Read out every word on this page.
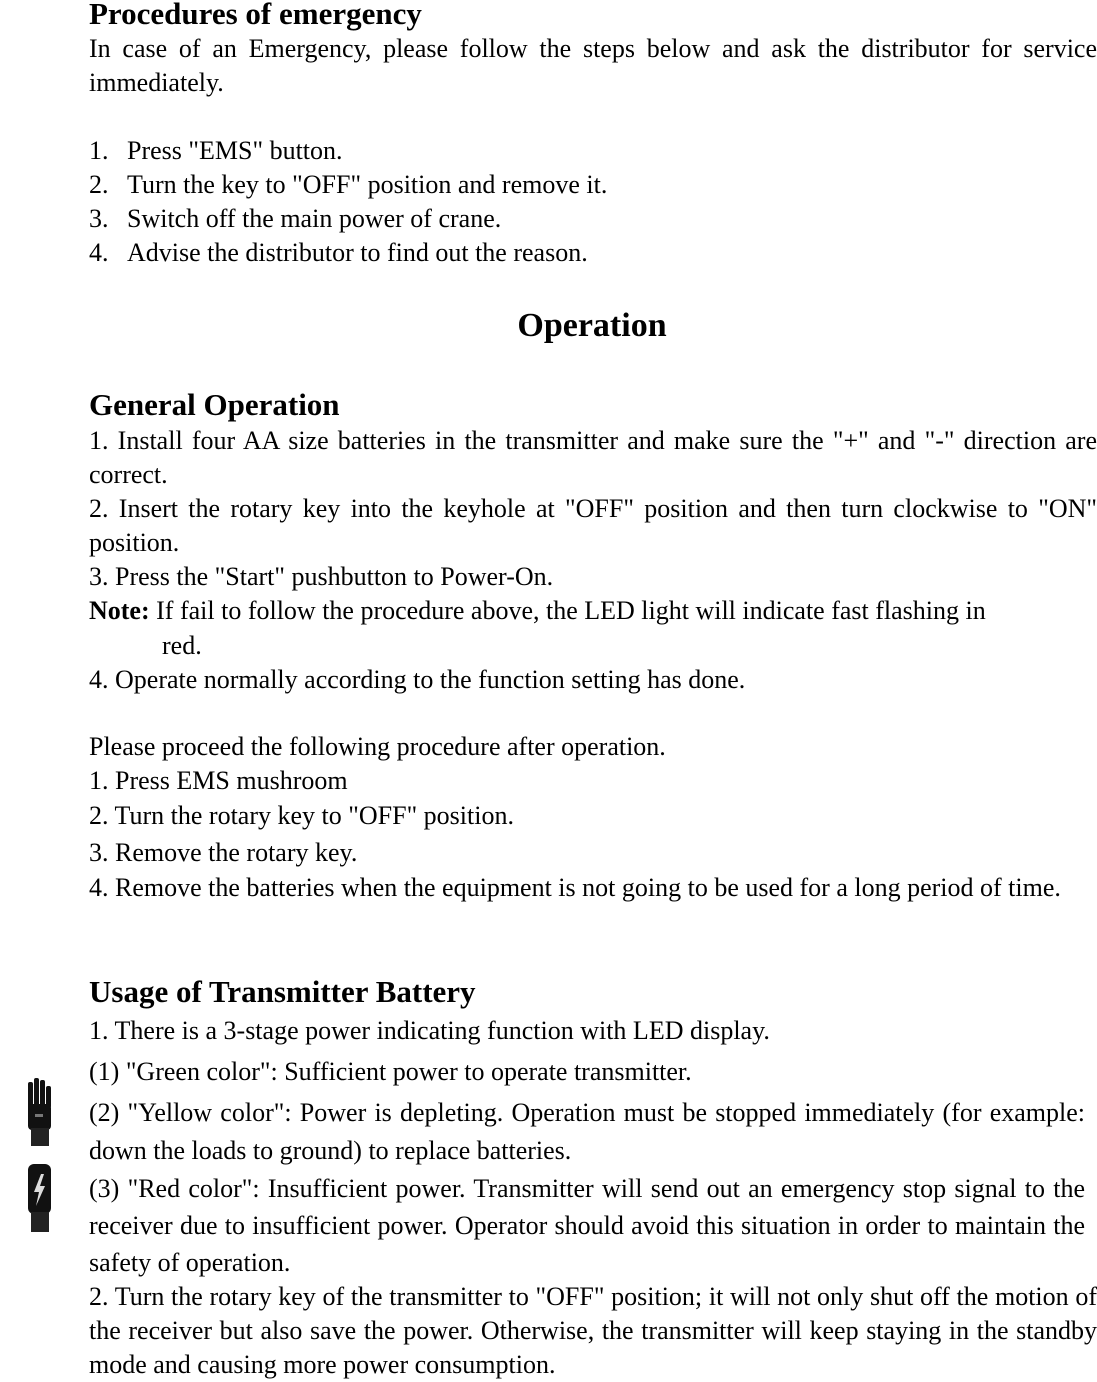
Procedures of emergency
In case of an Emergency, please follow the steps below and ask the distributor for service immediately.
1. Press "EMS" button.
2. Turn the key to "OFF" position and remove it.
3. Switch off the main power of crane.
4. Advise the distributor to find out the reason.
Operation
General Operation
1. Install four AA size batteries in the transmitter and make sure the "+" and "-" direction are correct.
2. Insert the rotary key into the keyhole at "OFF" position and then turn clockwise to "ON" position.
3. Press the "Start" pushbutton to Power-On.
Note: If fail to follow the procedure above, the LED light will indicate fast flashing in
red.
4. Operate normally according to the function setting has done.
Please proceed the following procedure after operation.
1. Press EMS mushroom
2. Turn the rotary key to "OFF" position.
3. Remove the rotary key.
4. Remove the batteries when the equipment is not going to be used for a long period of time.
Usage of Transmitter Battery
1. There is a 3-stage power indicating function with LED display.
(1) "Green color": Sufficient power to operate transmitter.
(2) "Yellow color": Power is depleting. Operation must be stopped immediately (for example: down the loads to ground) to replace batteries.
(3) "Red color": Insufficient power. Transmitter will send out an emergency stop signal to the receiver due to insufficient power. Operator should avoid this situation in order to maintain the safety of operation.
2. Turn the rotary key of the transmitter to "OFF" position; it will not only shut off the motion of the receiver but also save the power. Otherwise, the transmitter will keep staying in the standby mode and causing more power consumption.
